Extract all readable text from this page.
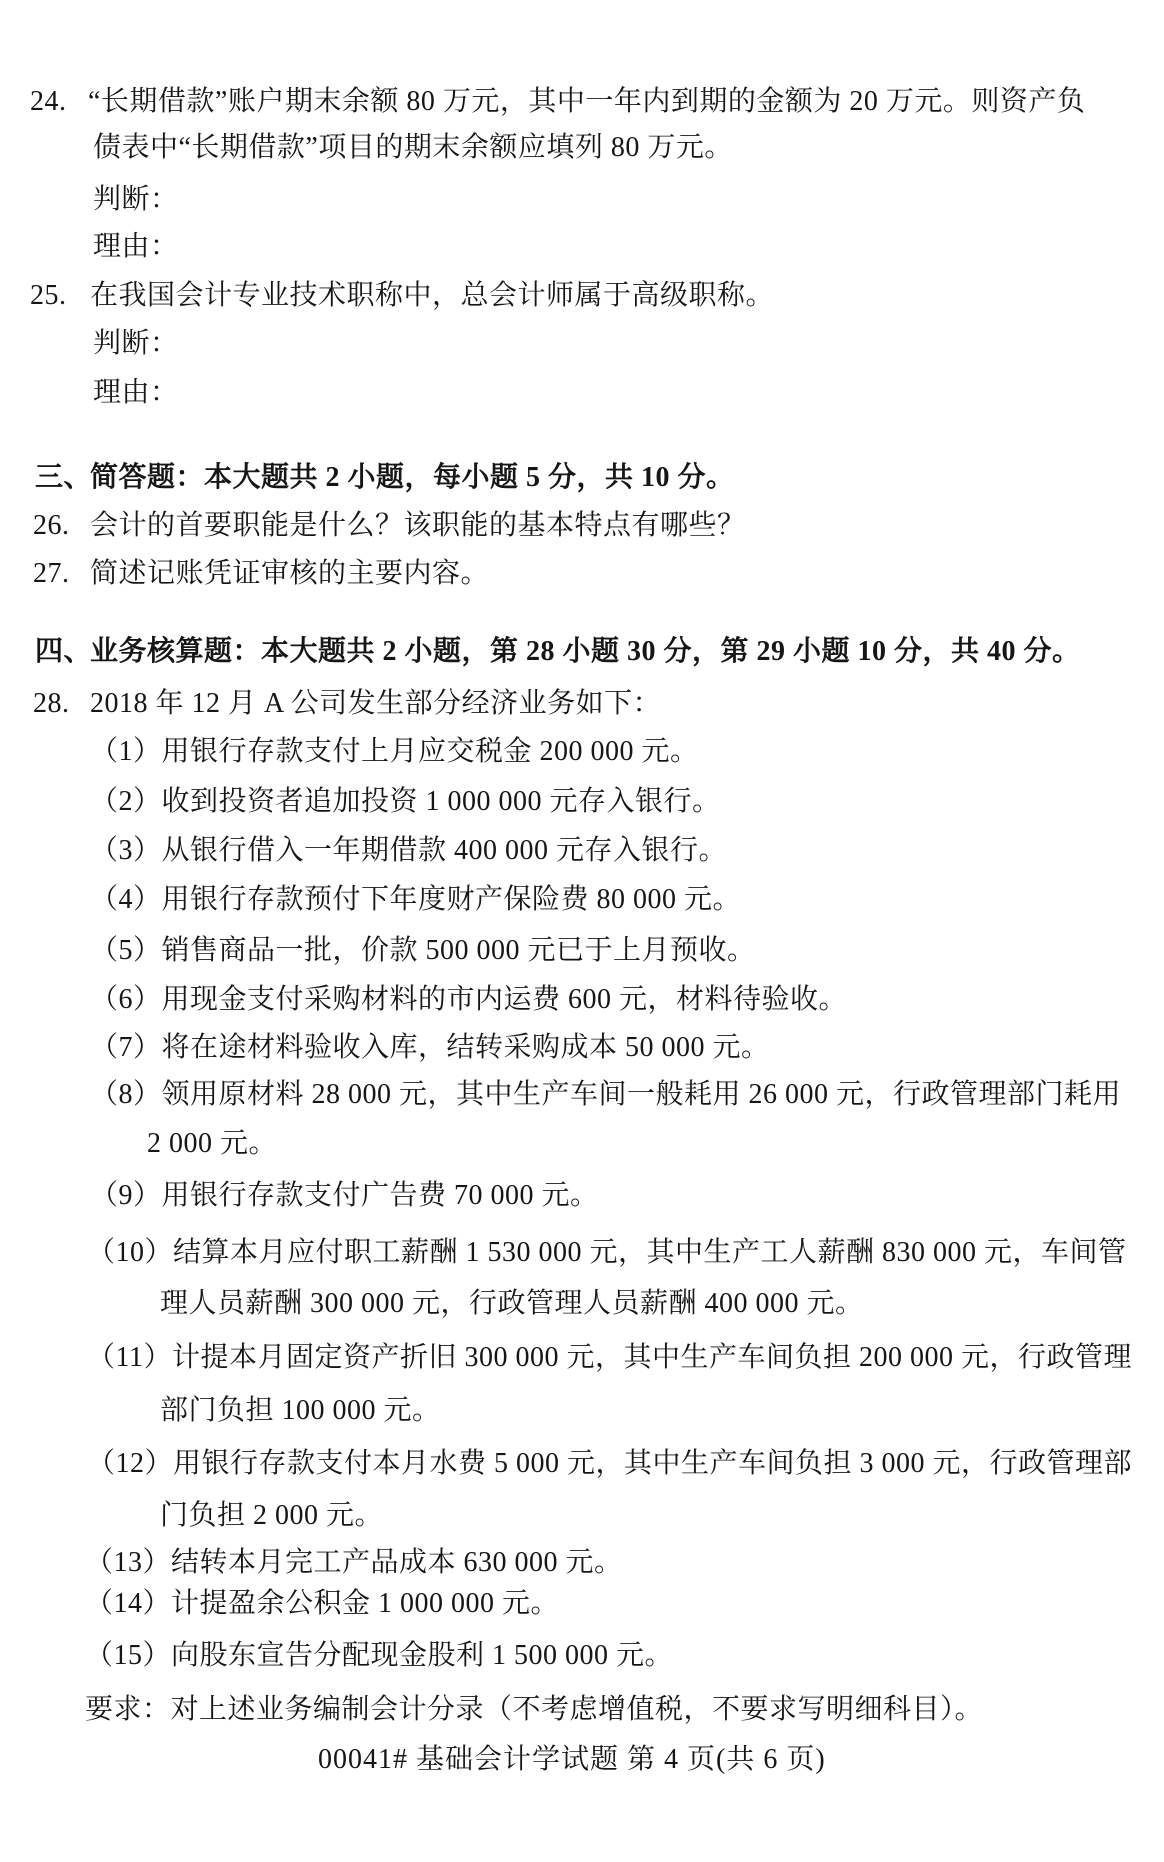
24. “长期借款”账户期末余额 80 万元，其中一年内到期的金额为 20 万元。则资产负
债表中“长期借款”项目的期末余额应填列 80 万元。
判断：
理由：
25. 在我国会计专业技术职称中，总会计师属于高级职称。
判断：
理由：
三、
简答题：本大题共 2 小题，每小题 5 分，共 10 分。
26. 会计的首要职能是什么？该职能的基本特点有哪些？
27. 简述记账凭证审核的主要内容。
四、
业务核算题：本大题共 2 小题，第 28 小题 30 分，第 29 小题 10 分，共 40 分。
28. 2018 年 12 月 A 公司发生部分经济业务如下：
（1）用银行存款支付上月应交税金 200 000 元。
（2）收到投资者追加投资 1 000 000 元存入银行。
（3）从银行借入一年期借款 400 000 元存入银行。
（4）用银行存款预付下年度财产保险费 80 000 元。
（5）销售商品一批，价款 500 000 元已于上月预收。
（6）用现金支付采购材料的市内运费 600 元，材料待验收。
（7）将在途材料验收入库，结转采购成本 50 000 元。
（8）领用原材料 28 000 元，其中生产车间一般耗用 26 000 元，行政管理部门耗用
2 000 元。
（9）用银行存款支付广告费 70 000 元。
（10）结算本月应付职工薪酬 1 530 000 元，其中生产工人薪酬 830 000 元，车间管
理人员薪酬 300 000 元，行政管理人员薪酬 400 000 元。
（11）计提本月固定资产折旧 300 000 元，其中生产车间负担 200 000 元，行政管理
部门负担 100 000 元。
（12）用银行存款支付本月水费 5 000 元，其中生产车间负担 3 000 元，行政管理部
门负担 2 000 元。
（13）结转本月完工产品成本 630 000 元。
（14）计提盈余公积金 1 000 000 元。
（15）向股东宣告分配现金股利 1 500 000 元。
要求：对上述业务编制会计分录（不考虑增值税，不要求写明细科目）。
00041# 基础会计学试题 第 4 页(共 6 页)
